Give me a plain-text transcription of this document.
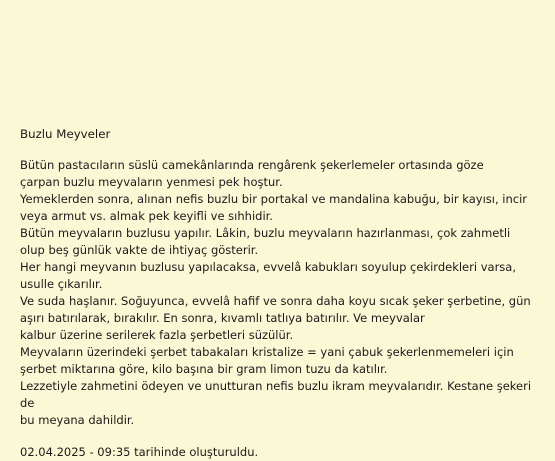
Buzlu Meyveler

Bütün pastacıların süslü camekânlarında rengârenk şekerlemeler ortasında göze
çarpan buzlu meyvaların yenmesi pek hoştur.

Yemeklerden sonra, alınan nefis buzlu bir portakal ve mandalina kabuğu, bir kayısı, incir
veya armut vs. almak pek keyifli ve sıhhidir.

Bütün meyvaların buzlusu yapılır. Lâkin, buzlu meyvaların hazırlanması, çok zahmetli
olup beş günlük vakte de ihtiyaç gösterir.

Her hangi meyvanın buzlusu yapılacaksa, evvelâ kabukları soyulup çekirdekleri varsa,
usulle çıkarılır.

Ve suda haşlanır. Soğuyunca, evvelâ hafif ve sonra daha koyu sıcak şeker şerbetine, gün
aşırı batırılarak, bırakılır. En sonra, kıvamlı tatlıya batırılır. Ve meyvalar
kalbur üzerine serilerek fazla şerbetleri süzülür.

Meyvaların üzerindeki şerbet tabakaları kristalize = yani çabuk şekerlenmemeleri için
şerbet miktarına göre, kilo başına bir gram limon tuzu da katılır.

Lezzetiyle zahmetini ödeyen ve unutturan nefis buzlu ikram meyvalarıdır. Kestane şekeri de
bu meyana dahildir.

02.04.2025 - 09:35 tarihinde oluşturuldu.
